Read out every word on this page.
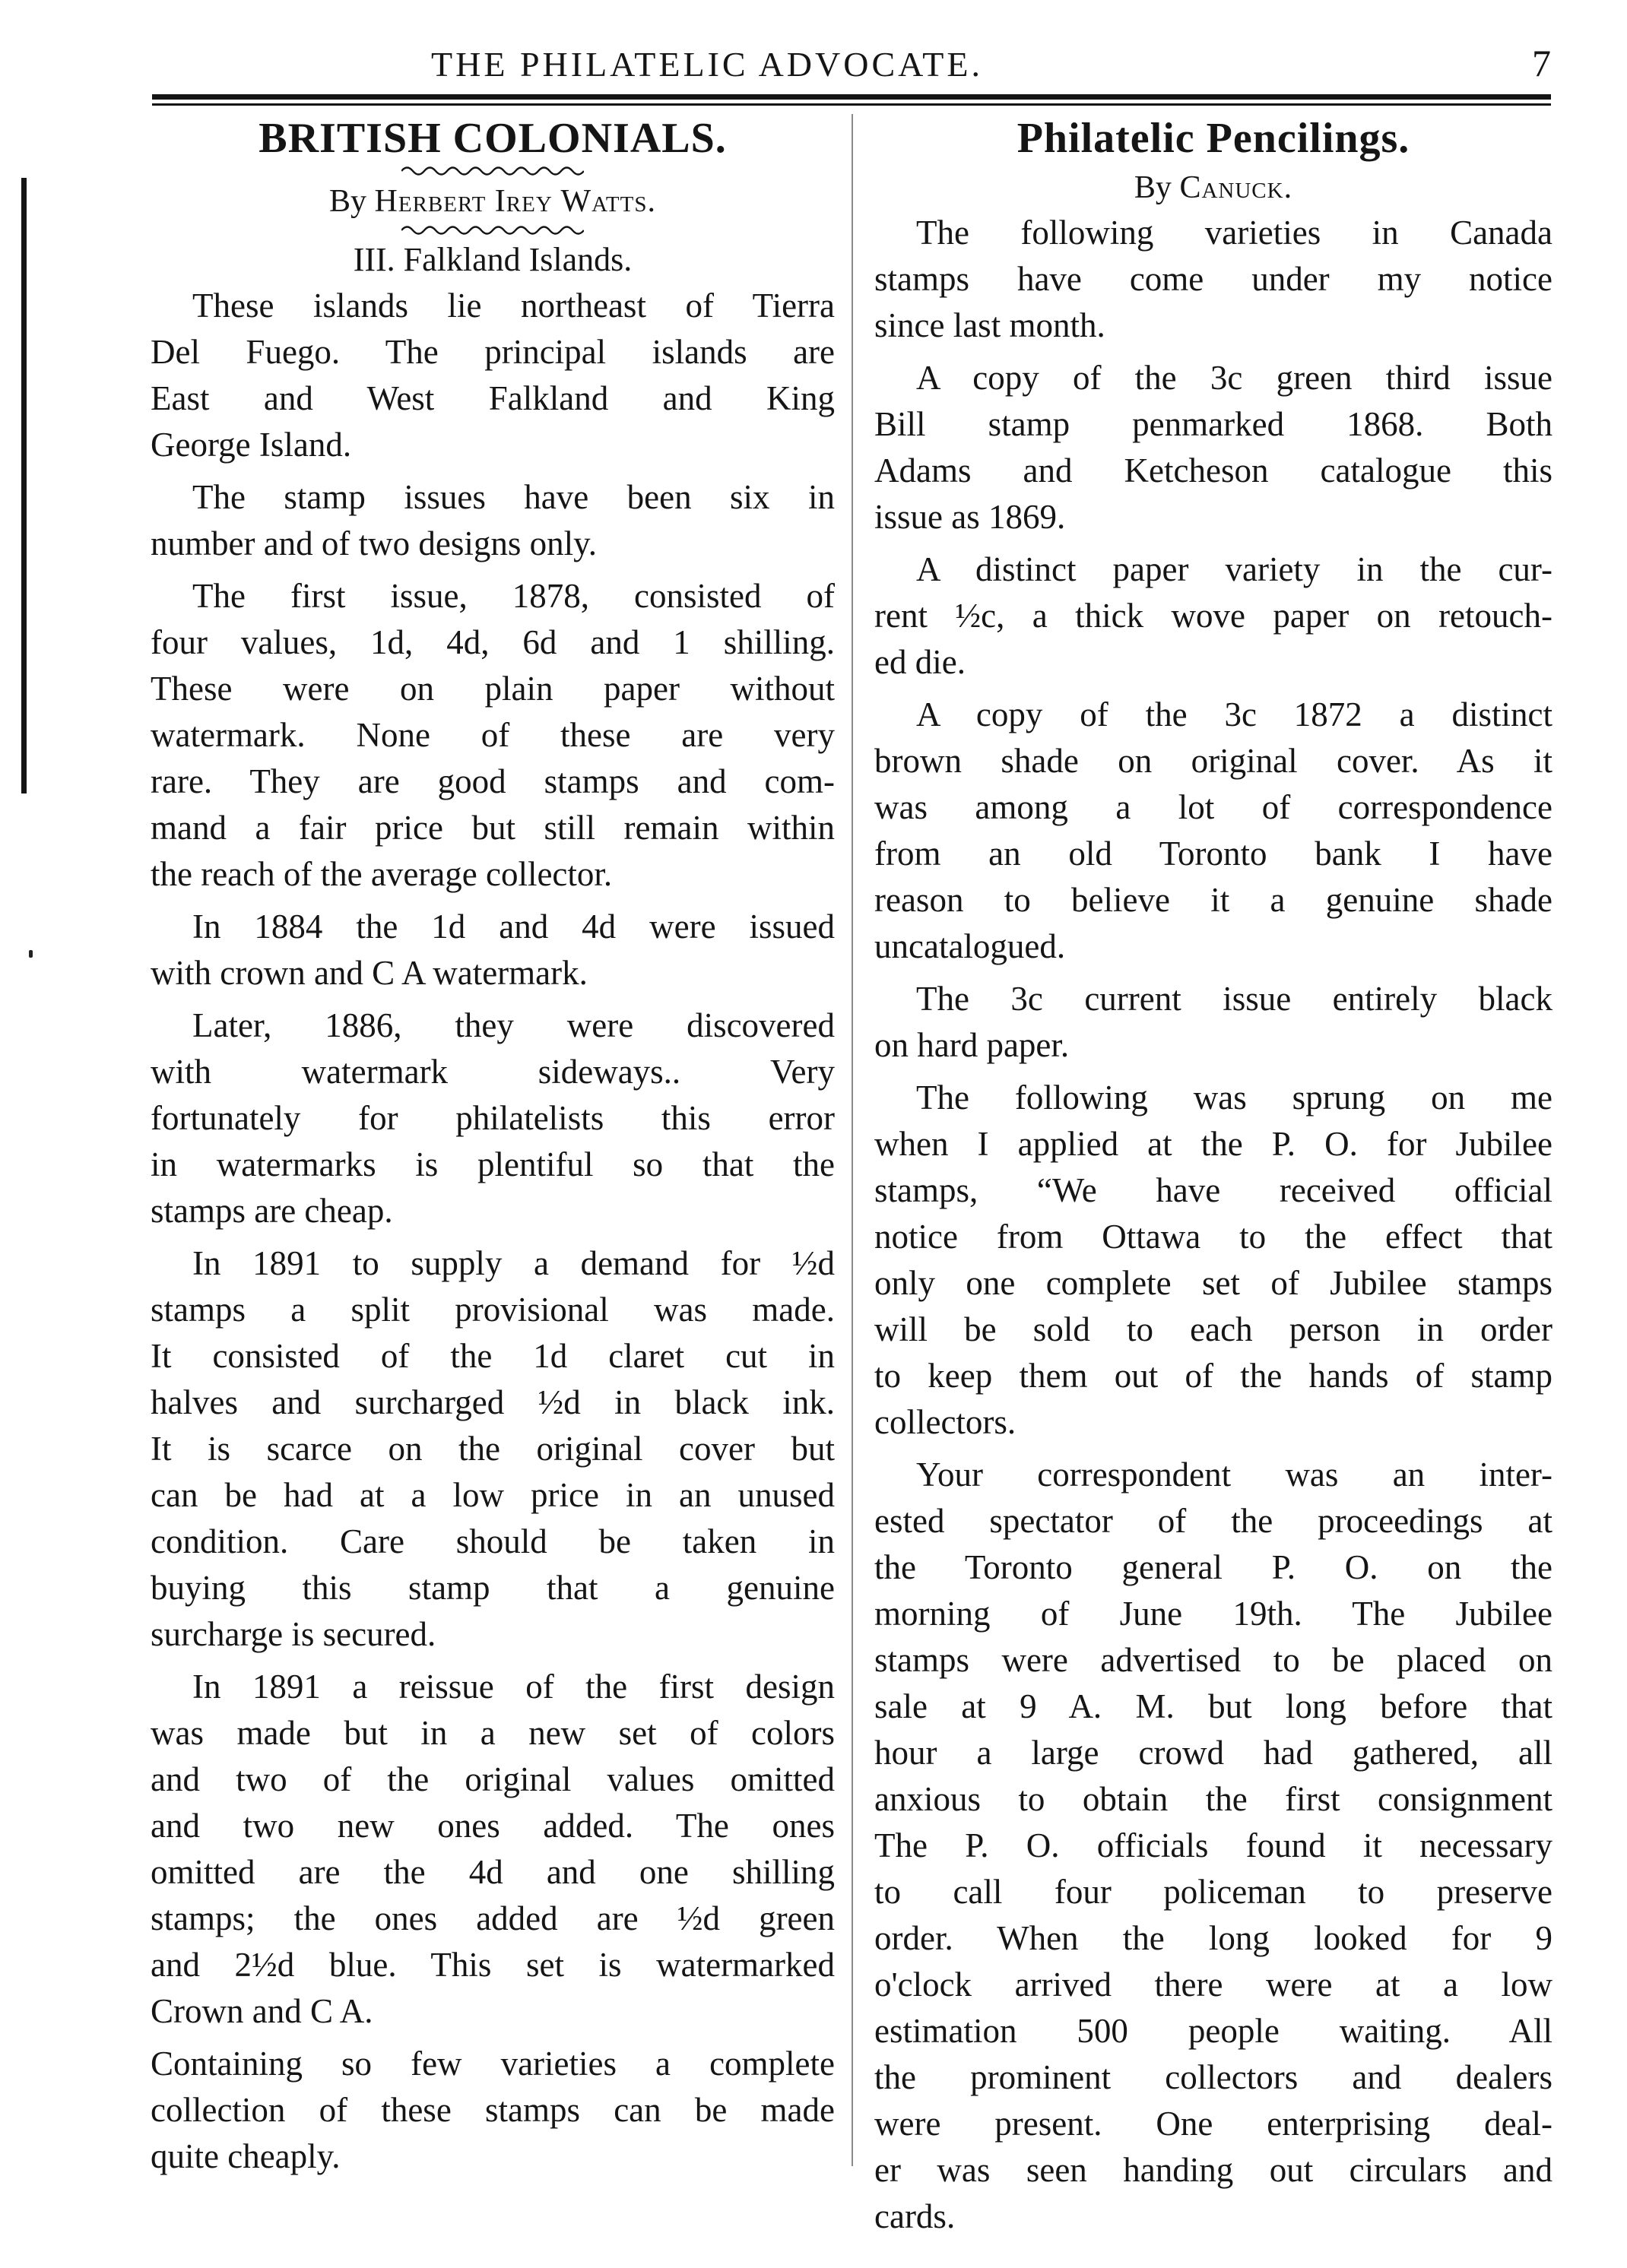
THE PHILATELIC ADVOCATE.	7
BRITISH COLONIALS.

By Herbert Irey Watts.

III. Falkland Islands.

These islands lie northeast of Tierra
Del Fuego. The principal islands are
East and West Falkland and King
George Island.

The stamp issues have been six in
number and of two designs only.

The first issue, 1878, consisted of
four values, 1d, 4d, 6d and 1 shilling.
These were on plain paper without
watermark. None of these are very
rare. They are good stamps and com-
mand a fair price but still remain within
the reach of the average collector.

In 1884 the 1d and 4d were issued
with crown and C A watermark.

Later, 1886, they were discovered
with watermark sideways.. Very
fortunately for philatelists this error
in watermarks is plentiful so that the
stamps are cheap.

In 1891 to supply a demand for ½d
stamps a split provisional was made.
It consisted of the 1d claret cut in
halves and surcharged ½d in black ink.
It is scarce on the original cover but
can be had at a low price in an unused
condition. Care should be taken in
buying this stamp that a genuine
surcharge is secured.

In 1891 a reissue of the first design
was made but in a new set of colors
and two of the original values omitted
and two new ones added. The ones
omitted are the 4d and one shilling
stamps; the ones added are ½d green
and 2½d blue. This set is watermarked
Crown and C A.

Containing so few varieties a complete
collection of these stamps can be made
quite cheaply.

Philatelic Pencilings.

By Canuck.

The following varieties in Canada
stamps have come under my notice
since last month.

A copy of the 3c green third issue
Bill stamp penmarked 1868. Both
Adams and Ketcheson catalogue this
issue as 1869.

A distinct paper variety in the cur-
rent ½c, a thick wove paper on retouch-
ed die.

A copy of the 3c 1872 a distinct
brown shade on original cover. As it
was among a lot of correspondence
from an old Toronto bank I have
reason to believe it a genuine shade
uncatalogued.

The 3c current issue entirely black
on hard paper.

The following was sprung on me
when I applied at the P. O. for Jubilee
stamps, “We have received official
notice from Ottawa to the effect that
only one complete set of Jubilee stamps
will be sold to each person in order
to keep them out of the hands of stamp
collectors.

Your correspondent was an inter-
ested spectator of the proceedings at
the Toronto general P. O. on the
morning of June 19th. The Jubilee
stamps were advertised to be placed on
sale at 9 A. M. but long before that
hour a large crowd had gathered, all
anxious to obtain the first consignment
The P. O. officials found it necessary
to call four policeman to preserve
order. When the long looked for 9
o'clock arrived there were at a low
estimation 500 people waiting. All
the prominent collectors and dealers
were present. One enterprising deal-
er was seen handing out circulars and
cards.
